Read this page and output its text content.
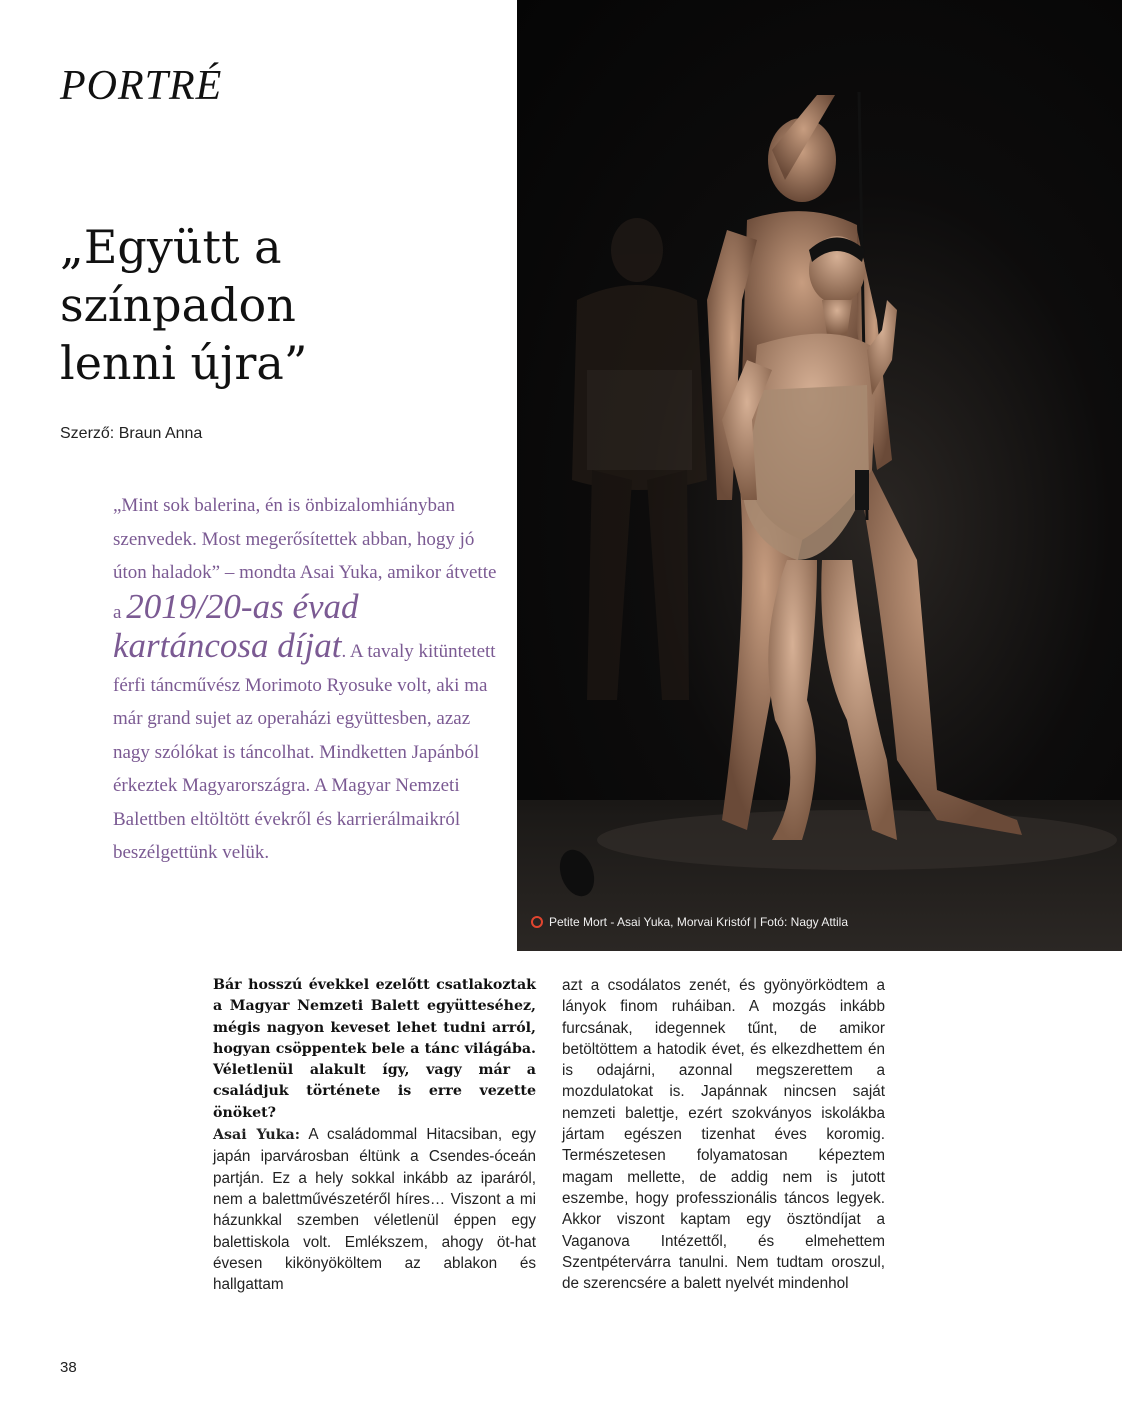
PORTRÉ
„Együtt a
színpadon
lenni újra”
Szerző: Braun Anna
„Mint sok balerina, én is önbizalomhiányban szenvedek. Most megerősítettek abban, hogy jó úton haladok” – mondta Asai Yuka, amikor átvette a 2019/20-as évad kartáncosa díjat. A tavaly kitüntetett férfi táncművész Morimoto Ryosuke volt, aki ma már grand sujet az operaházi együttesben, azaz nagy szólókat is táncolhat. Mindketten Japánból érkeztek Magyarországra. A Magyar Nemzeti Balettben eltöltött évekről és karrierálmaikról beszélgettünk velük.
Petite Mort - Asai Yuka, Morvai Kristóf | Fotó: Nagy Attila
Bár hosszú évekkel ezelőtt csatlakoztak a Magyar Nemzeti Balett együtteséhez, mégis nagyon keveset lehet tudni arról, hogyan csöppentek bele a tánc világába. Véletlenül alakult így, vagy már a családjuk története is erre vezette önöket?
Asai Yuka: A családommal Hitacsiban, egy japán iparvárosban éltünk a Csendes-óceán partján. Ez a hely sokkal inkább az iparáról, nem a balettművészetéről híres… Viszont a mi házunkkal szemben véletlenül éppen egy balettiskola volt. Emlékszem, ahogy öt-hat évesen kikönyököltem az ablakon és hallgattam
azt a csodálatos zenét, és gyönyörködtem a lányok finom ruháiban. A mozgás inkább furcsának, idegennek tűnt, de amikor betöltöttem a hatodik évet, és elkezdhettem én is odajárni, azonnal megszerettem a mozdulatokat is. Japánnak nincsen saját nemzeti balettje, ezért szokványos iskolákba jártam egészen tizenhat éves koromig. Természetesen folyamatosan képeztem magam mellette, de addig nem is jutott eszembe, hogy professzionális táncos legyek. Akkor viszont kaptam egy ösztöndíjat a Vaganova Intézettől, és elmehettem Szentpétervárra tanulni. Nem tudtam oroszul, de szerencsére a balett nyelvét mindenhol
38
